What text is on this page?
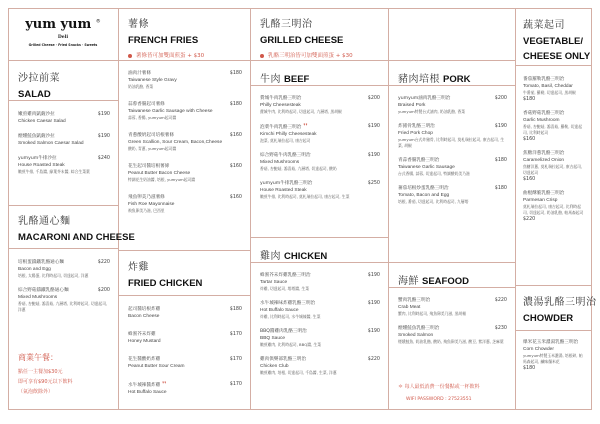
yum yum ®
Deli
Grilled Cheese · Fried Snacks · Sweets
沙拉前菜
SALAD
嫩煎雞肉凱薩沙拉	$190
Chicken Caesar Salad
煙燻鮭魚凱薩沙拉	$190
Smoked Salmon Caesar Salad
yumyum牛排沙拉	$240
House Roasted Steak
嫩煎牛排, 千島醬, 綠葉芥末醬, 綜合生菜葉
乳酪通心麵
MACARONI AND CHEESE
培根蛋鑄鐵乳酪通心麵	$220
Bacon and Egg
培根, 太陽蛋, 比利時起司, 切達起司, 洋蔥
綜合野菇鑄鐵乳酪通心麵	$200
Mixed Mushrooms
香菇, 杏鮑菇, 鴻喜菇, 九層塔, 比利時起司, 切達起司, 洋蔥
商業午餐：
點任一主餐加$30元
即可享有$90元以下飲料
（氣泡飲除外）
薯條
FRENCH FRIES
薯條皆可加雙面煎蛋 + $30
滷肉汁薯條	$180
Taiwanese Style Gravy
奶油乳酪, 香菜
蒜蓉香腸起司薯條	$180
Taiwanese Garlic Sausage with Cheese
蒜蓉, 香腸, yumyum起司醬
青蔥酸奶起司培根薯條	$160
Green Scallion, Sour Cream, Bacon,Cheese
酸奶, 青蔥, yumyum起司醬
花生起司醬培根薯條	$160
Peanut Butter Bacon Cheese
特調花生奶油醬, 培根, yumyum起司醬
飛魚卵美乃滋薯條	$160
Fish Roe Mayonnaise
飛魚卵美乃滋, 巴西里
炸雞
FRIED CHICKEN
起司醬培根炸雞	$180
Bacon Cheese
蜂蜜芥末炸雞	$170
Honey Mustard
花生醬酸奶炸雞	$170
Peanut Butter Sour Cream
水牛城辣醬炸雞 ❜❜	$170
Hot Buffalo Sauce
乳酪三明治
GRILLED CHEESE
乳酪三明治皆可加雙面煎蛋 + $30
牛肉 BEEF
費城牛肉乳酪三明治	$200
Philly Cheesesteak
費城牛肉, 比利時起司, 切達起司, 九層塔, 黑胡椒
泡菜牛肉乳酪三明治 ❜❜	$190
Kimchi Philly Cheesesteak
泡菜, 莫札瑞拉起司, 康吉起司
綜合野菇牛肉乳酪三明治	$190
Mixed Mushrooms
香菇, 杏鮑菇, 鴻喜菇, 九層塔, 切達起司, 酸奶
yumyum牛排乳酪三明治	$250
House Roasted Steak
嫩煎牛排, 比利時起司, 莫札瑞拉起司, 康吉起司, 生菜
雞肉 CHICKEN
蜂蜜芥末炸雞乳酪三明治	$190
Tartar Sauce
炸雞, 切達起司, 塔塔醬, 生菜
水牛城辣味炸雞乳酪三明治	$190
Hot Buffalo Sauce
炸雞, 比利時起司, 水牛城辣醬, 生菜
BBQ醬雞肉乳酪三明治	$190
BBQ Sauce
嫩煎雞肉, 比利時起司, BBQ醬, 生菜
雞肉俱樂部乳酪三明治	$220
Chicken Club
嫩煎雞肉, 培根, 切達起司, 千島醬, 生菜, 洋蔥
豬肉培根 PORK
yumyum滷肉乳酪三明治	$200
Braised Pork
yumyum特製台式滷肉, 奶油乳酪, 香菜
炸豬骨乳酪三明治	$190
Fried Pork Chop
yumyum台式炸豬骨, 比利時起司, 莫札瑞拉起司, 康吉起司, 生菜, 胡椒
青蒜香腸乳酪三明治	$180
Taiwanese Garlic Sausage
台式香腸, 蒜蓉, 切達起司, 特調酸奶美乃滋
蕃茄培根炒蛋乳酪三明治	$180
Tomato, Bacon and Egg
培根, 番茄, 切達起司, 比利時起司, 九層塔
海鮮 SEAFOOD
蟹肉乳酪三明治	$220
Crab Meat
蟹肉, 比利時起司, 飛魚卵美乃滋, 黑胡椒
煙燻鮭魚乳酪三明治	$230
Smoked Salmon
煙燻鮭魚, 奶油乳酪, 酸奶, 飛魚卵美乃滋, 酸豆, 紫洋蔥, 芝麻葉
＊ 每人最低消費一份餐點或一杯飲料
WIFI PASSWORD : 27523551
蔬菜起司
VEGETABLE/
CHEESE ONLY
番茄羅勒乳酪三明治
Tomato, Basil, Cheddar
牛番茄, 羅勒, 切達起司, 黑胡椒
$180
香菇野菇乳酪三明治
Garlic Mushroom
香菇, 杏鮑菇, 鴻喜菇, 羅勒, 切達起司, 比利時起司
$160
焦糖洋蔥乳酪三明治
Caramelized Onion
焦糖洋蔥, 莫札瑞拉起司, 康吉起司, 切達起司
$160
曲棍酥脆乳酪三明治
Parmesan Crisp
莫札瑞拉起司, 康吉起司, 比利時起司, 切達起司, 奶油乳酪, 帕馬森起司
$220
濃湯乳酪三明治
CHOWDER
爆米花玉米濃湯乳酪三明治
Corn Chowder
yumyum特製玉米濃湯, 培根碎, 帕馬森起司, 鹹味爆米花
$180
